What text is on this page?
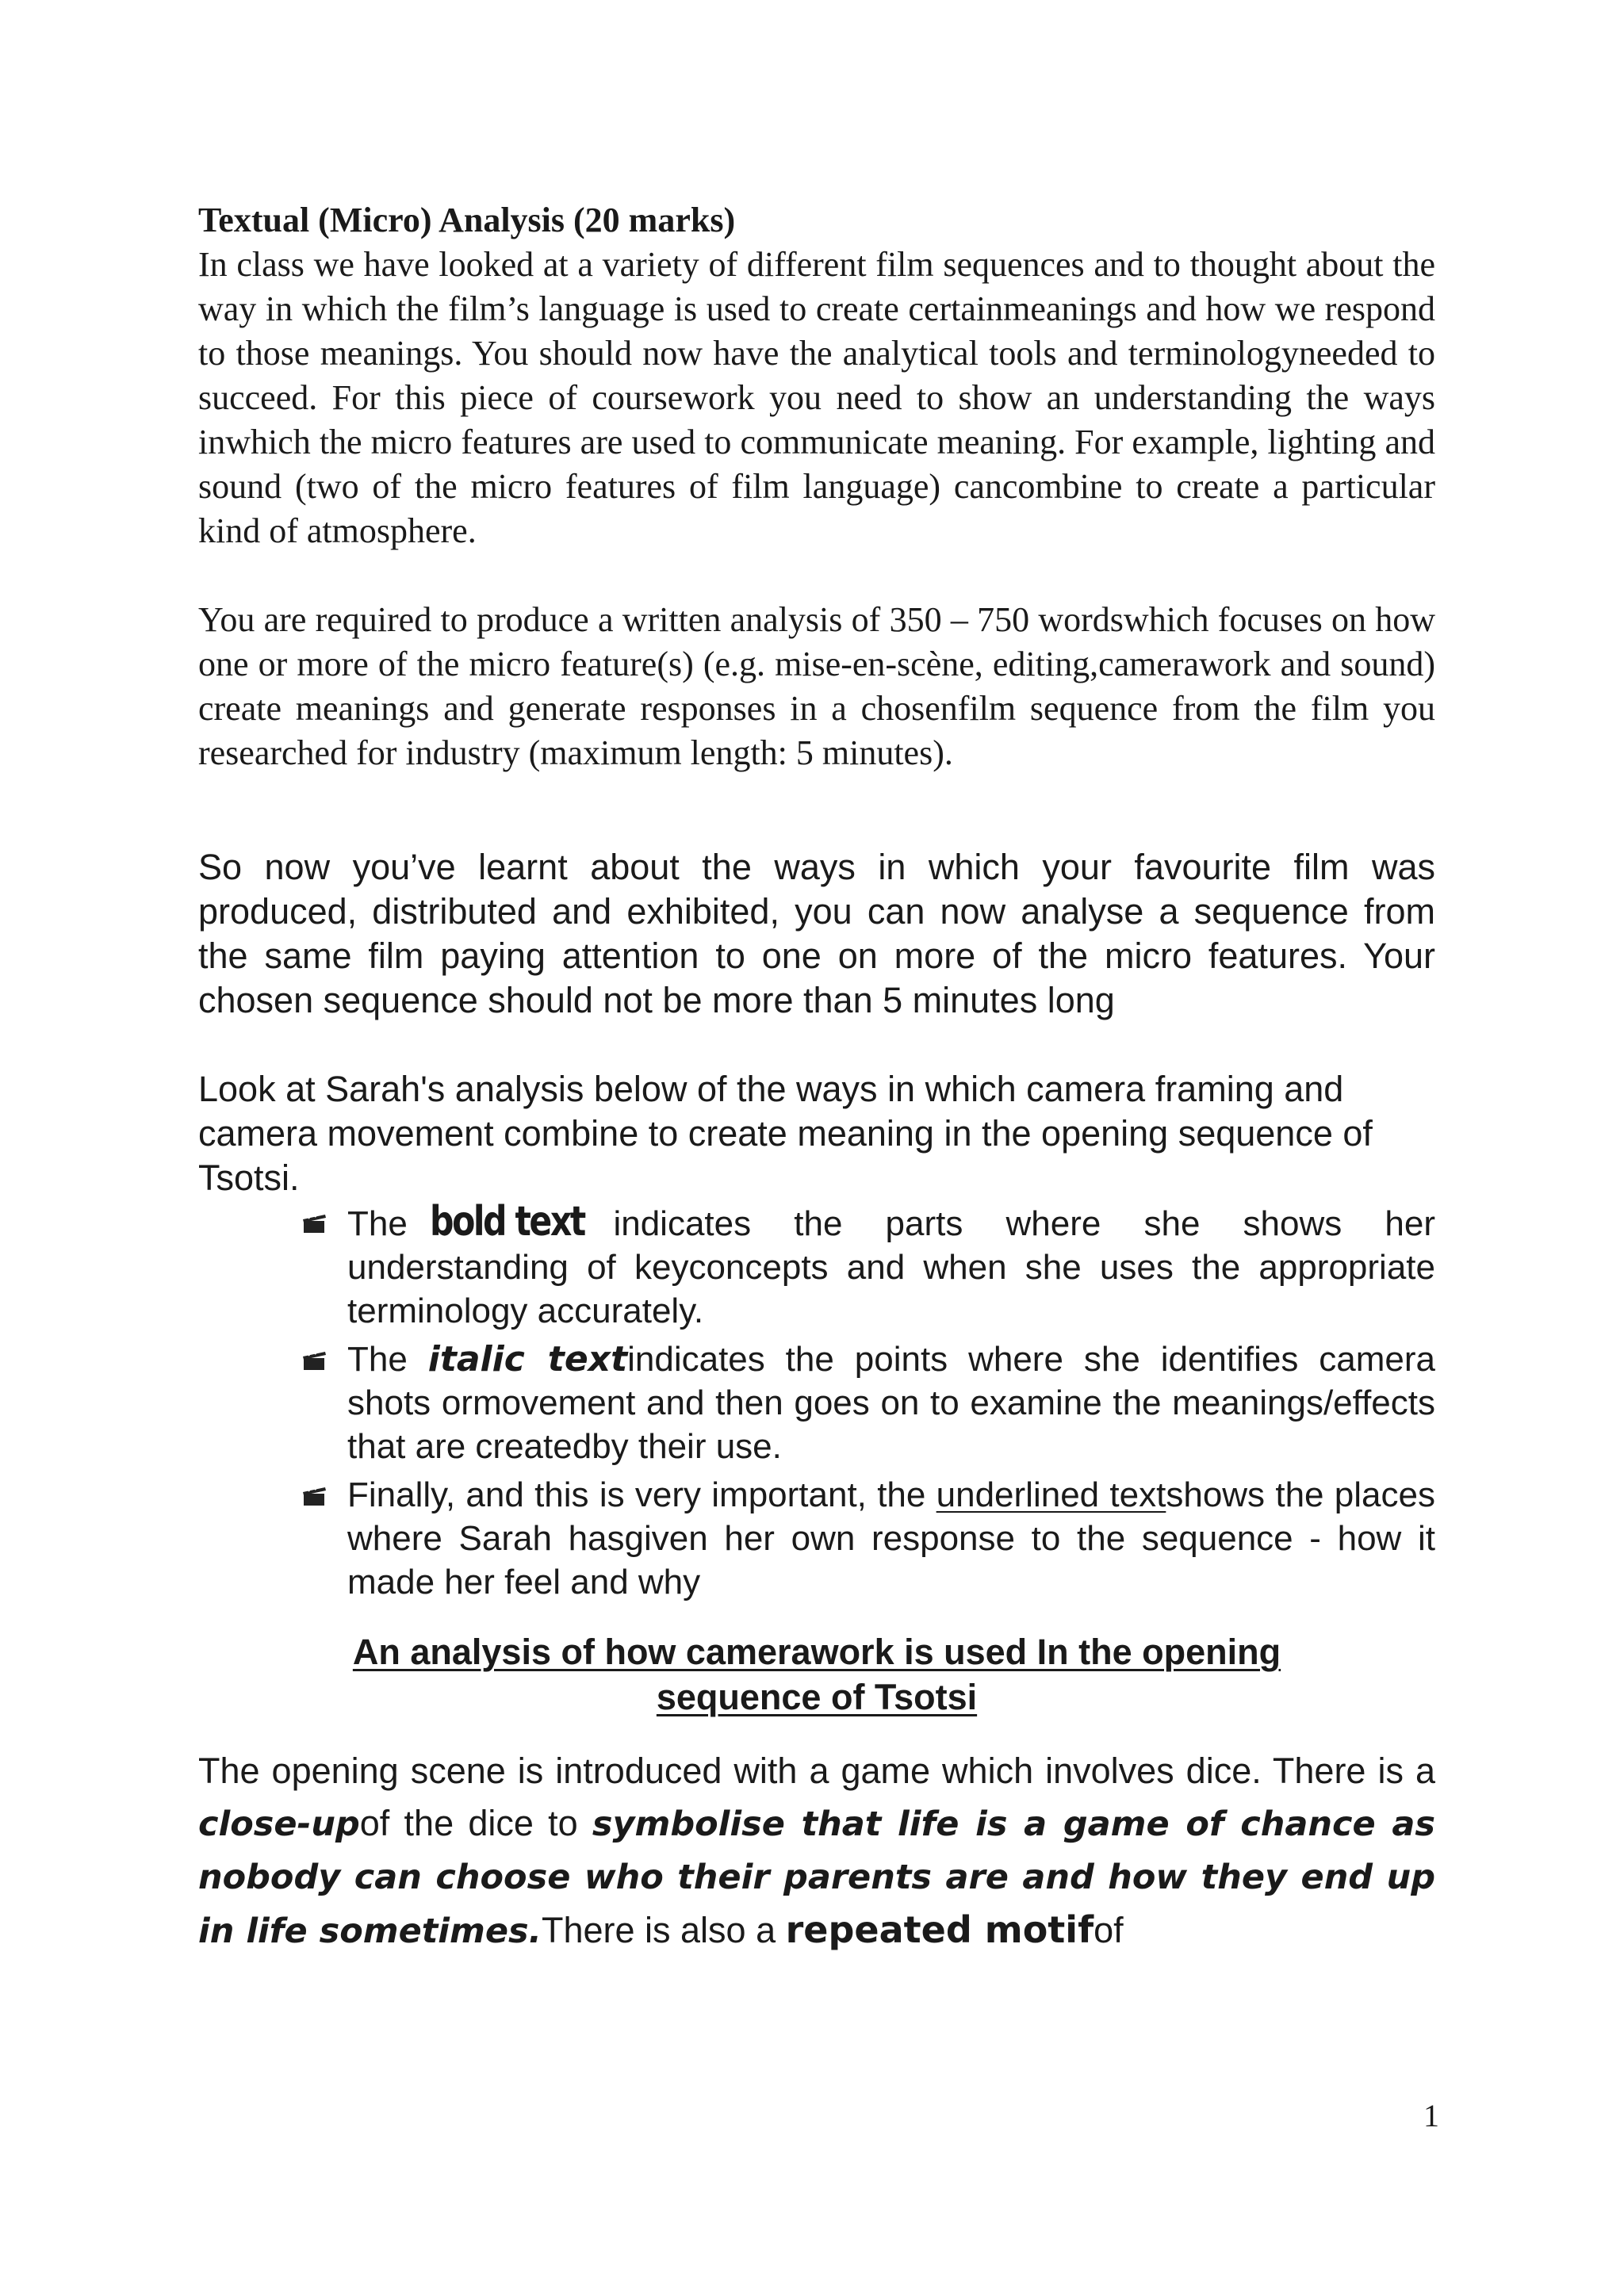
Textual (Micro) Analysis (20 marks)

In class we have looked at a variety of different film sequences and to thought about the way in which the film’s language is used to create certainmeanings and how we respond to those meanings. You should now have the analytical tools and terminologyneeded to succeed. For this piece of coursework you need to show an understanding the ways inwhich the micro features are used to communicate meaning. For example, lighting and sound (two of the micro features of film language) cancombine to create a particular kind of atmosphere.

You are required to produce a written analysis of 350 – 750 wordswhich focuses on how one or more of the micro feature(s) (e.g. mise-en-scène, editing,camerawork and sound) create meanings and generate responses in a chosenfilm sequence from the film you researched for industry (maximum length: 5 minutes).

So now you’ve learnt about the ways in which your favourite film was produced, distributed and exhibited, you can now analyse a sequence from the same film paying attention to one on more of the micro features. Your chosen sequence should not be more than 5 minutes long

Look at Sarah's analysis below of the ways in which camera framing and camera movement combine to create meaning in the opening sequence of Tsotsi.

The bold text indicates the parts where she shows her understanding of keyconcepts and when she uses the appropriate terminology accurately.
The italic textindicates the points where she identifies camera shots ormovement and then goes on to examine the meanings/effects that are createdby their use.
Finally, and this is very important, the underlined textshows the places where Sarah hasgiven her own response to the sequence - how it made her feel and why

An analysis of how camerawork is used In the opening
sequence of Tsotsi

The opening scene is introduced with a game which involves dice. There is a close-upof the dice to symbolise that life is a game of chance as nobody can choose who their parents are and how they end up in life sometimes.There is also a repeated motifof

1
